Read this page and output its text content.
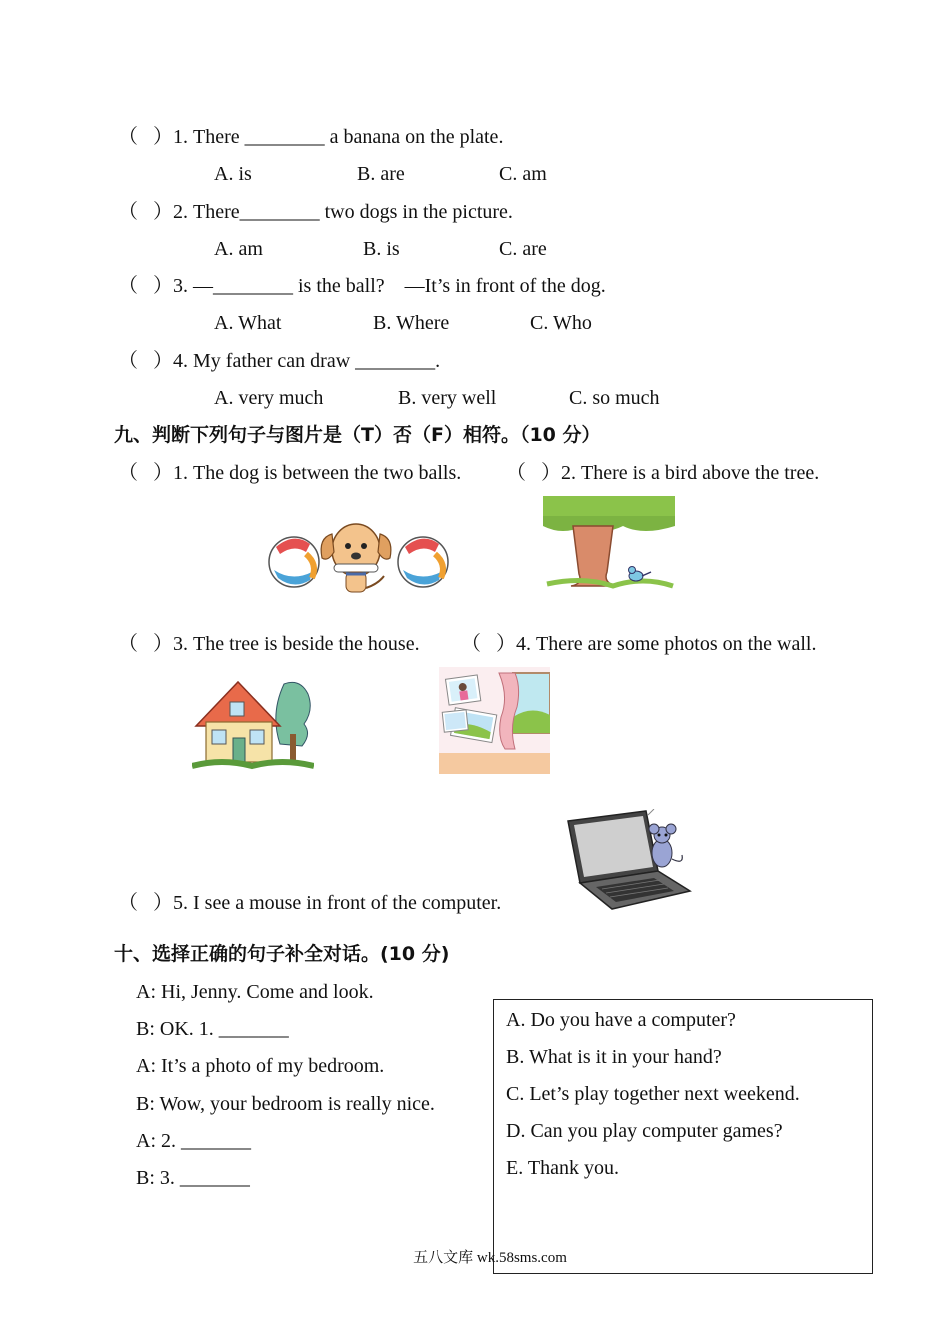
（   ）1. There ________ a banana on the plate.
A. is	B. are	C. am
（   ）2. There________ two dogs in the picture.
A. am	B. is	C. are
（   ）3. —________ is the ball?    —It’s in front of the dog.
A. What	B. Where	C. Who
（   ）4. My father can draw ________.
A. very much	B. very well	C. so much
九、判断下列句子与图片是（T）否（F）相符。（10 分）
（   ）1. The dog is between the two balls. （   ）2. There is a bird above the tree.
（   ）3. The tree is beside the house. （   ）4. There are some photos on the wall.
（   ）5. I see a mouse in front of the computer.
十、选择正确的句子补全对话。(10 分)
A: Hi, Jenny. Come and look.
B: OK. 1. _______
A: It’s a photo of my bedroom.
B: Wow, your bedroom is really nice.
A: 2. _______
B: 3. _______
A. Do you have a computer?
B. What is it in your hand?
C. Let’s play together next weekend.
D. Can you play computer games?
E. Thank you.
五八文库 wk.58sms.com
